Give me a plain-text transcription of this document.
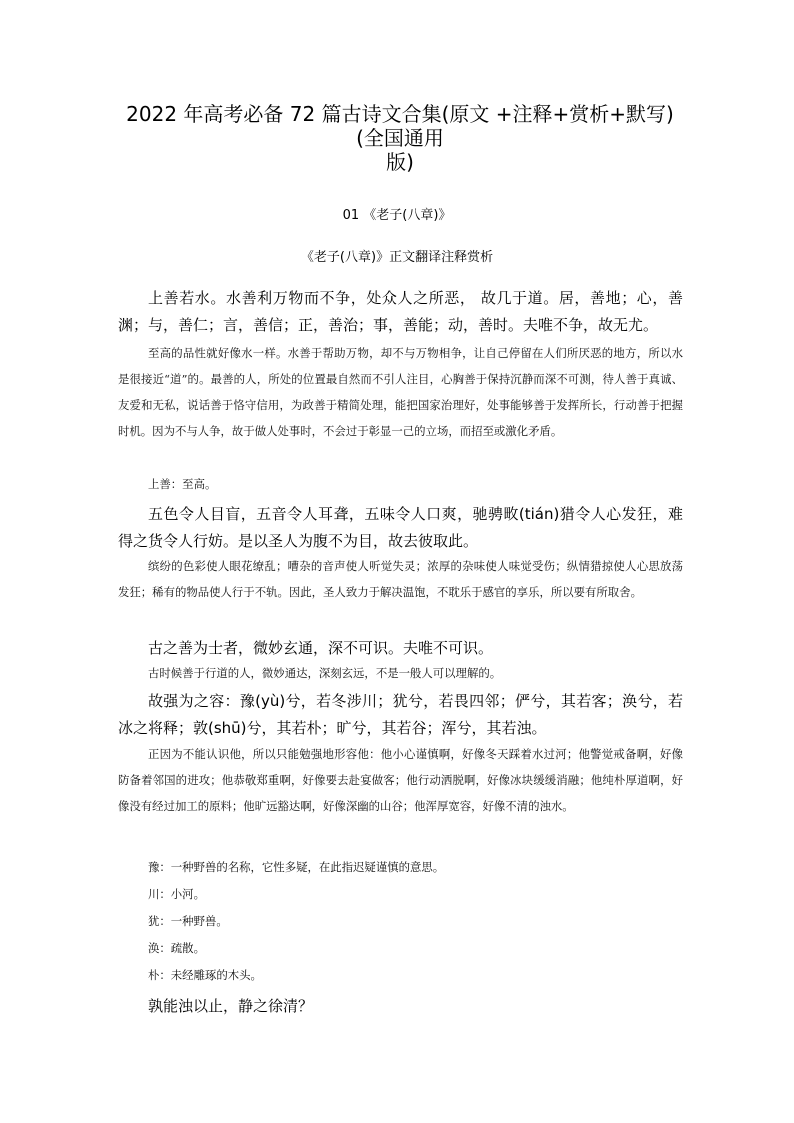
2022 年高考必备 72 篇古诗文合集(原文 +注释+赏析+默写) (全国通用
版)
01 《老子(八章)》
《老子(八章)》正文翻译注释赏析

上善若水。水善利万物而不争，处众人之所恶， 故几于道。居，善地；心，善渊；与，善仁；言，善信；正，善治；事，善能；动，善时。夫唯不争，故无尤。

至高的品性就好像水一样。水善于帮助万物，却不与万物相争，让自己停留在人们所厌恶的地方，所以水是很接近“道”的。最善的人，所处的位置最自然而不引人注目，心胸善于保持沉静而深不可测，待人善于真诚、友爱和无私，说话善于恪守信用，为政善于精简处理，能把国家治理好，处事能够善于发挥所长，行动善于把握时机。因为不与人争，故于做人处事时，不会过于彰显一己的立场，而招至或激化矛盾。

上善：至高。

五色令人目盲，五音令人耳聋，五味令人口爽，驰骋畋(tián)猎令人心发狂，难得之货令人行妨。是以圣人为腹不为目，故去彼取此。

缤纷的色彩使人眼花缭乱；嘈杂的音声使人听觉失灵；浓厚的杂味使人味觉受伤；纵情猎掠使人心思放荡发狂；稀有的物品使人行于不轨。因此，圣人致力于解决温饱，不耽乐于感官的享乐，所以要有所取舍。

古之善为士者，微妙玄通，深不可识。夫唯不可识。

古时候善于行道的人，微妙通达，深刻玄远，不是一般人可以理解的。

故强为之容：豫(yù)兮，若冬涉川；犹兮，若畏四邻；俨兮，其若客；涣兮，若冰之将释；敦(shū)兮，其若朴；旷兮，其若谷；浑兮，其若浊。

正因为不能认识他，所以只能勉强地形容他：他小心谨慎啊，好像冬天踩着水过河；他警觉戒备啊，好像防备着邻国的进攻；他恭敬郑重啊，好像要去赴宴做客；他行动洒脱啊，好像冰块缓缓消融；他纯朴厚道啊，好像没有经过加工的原料；他旷远豁达啊，好像深幽的山谷；他浑厚宽容，好像不清的浊水。

豫：一种野兽的名称，它性多疑，在此指迟疑谨慎的意思。

川：小河。

犹：一种野兽。

涣：疏散。

朴：未经雕琢的木头。

孰能浊以止，静之徐清？
